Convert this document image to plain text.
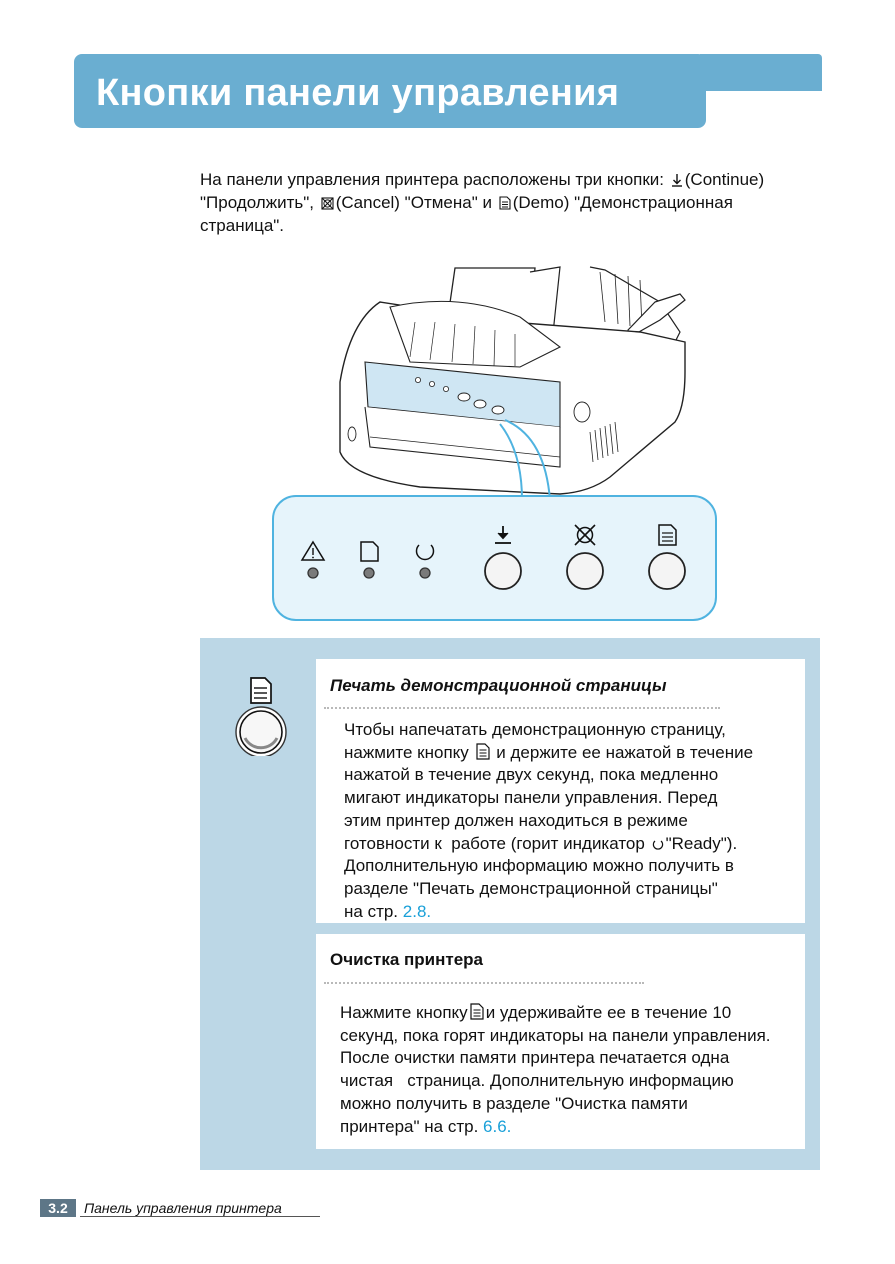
Кнопки панели управления
На панели управления принтера расположены три кнопки: (Continue)
"Продолжить", (Cancel) "Отмена" и (Demo) "Демонстрационная
страница".
Печать демонстрационной страницы
Чтобы напечатать демонстрационную страницу,
нажмите кнопку и держите ее нажатой в течение
нажатой в течение двух секунд, пока медленно
мигают индикаторы панели управления. Перед
этим принтер должен находиться в режиме
готовности к работе (горит индикатор "Ready").
Дополнительную информацию можно получить в
разделе "Печать демонстрационной страницы"
на стр. 2.8.
Очистка принтера
Нажмите кнопку и удерживайте ее в течение 10
секунд, пока горят индикаторы на панели управления.
После очистки памяти принтера печатается одна
чистая страница. Дополнительную информацию
можно получить в разделе "Очистка памяти
принтера" на стр. 6.6.
3.2	Панель управления принтера
